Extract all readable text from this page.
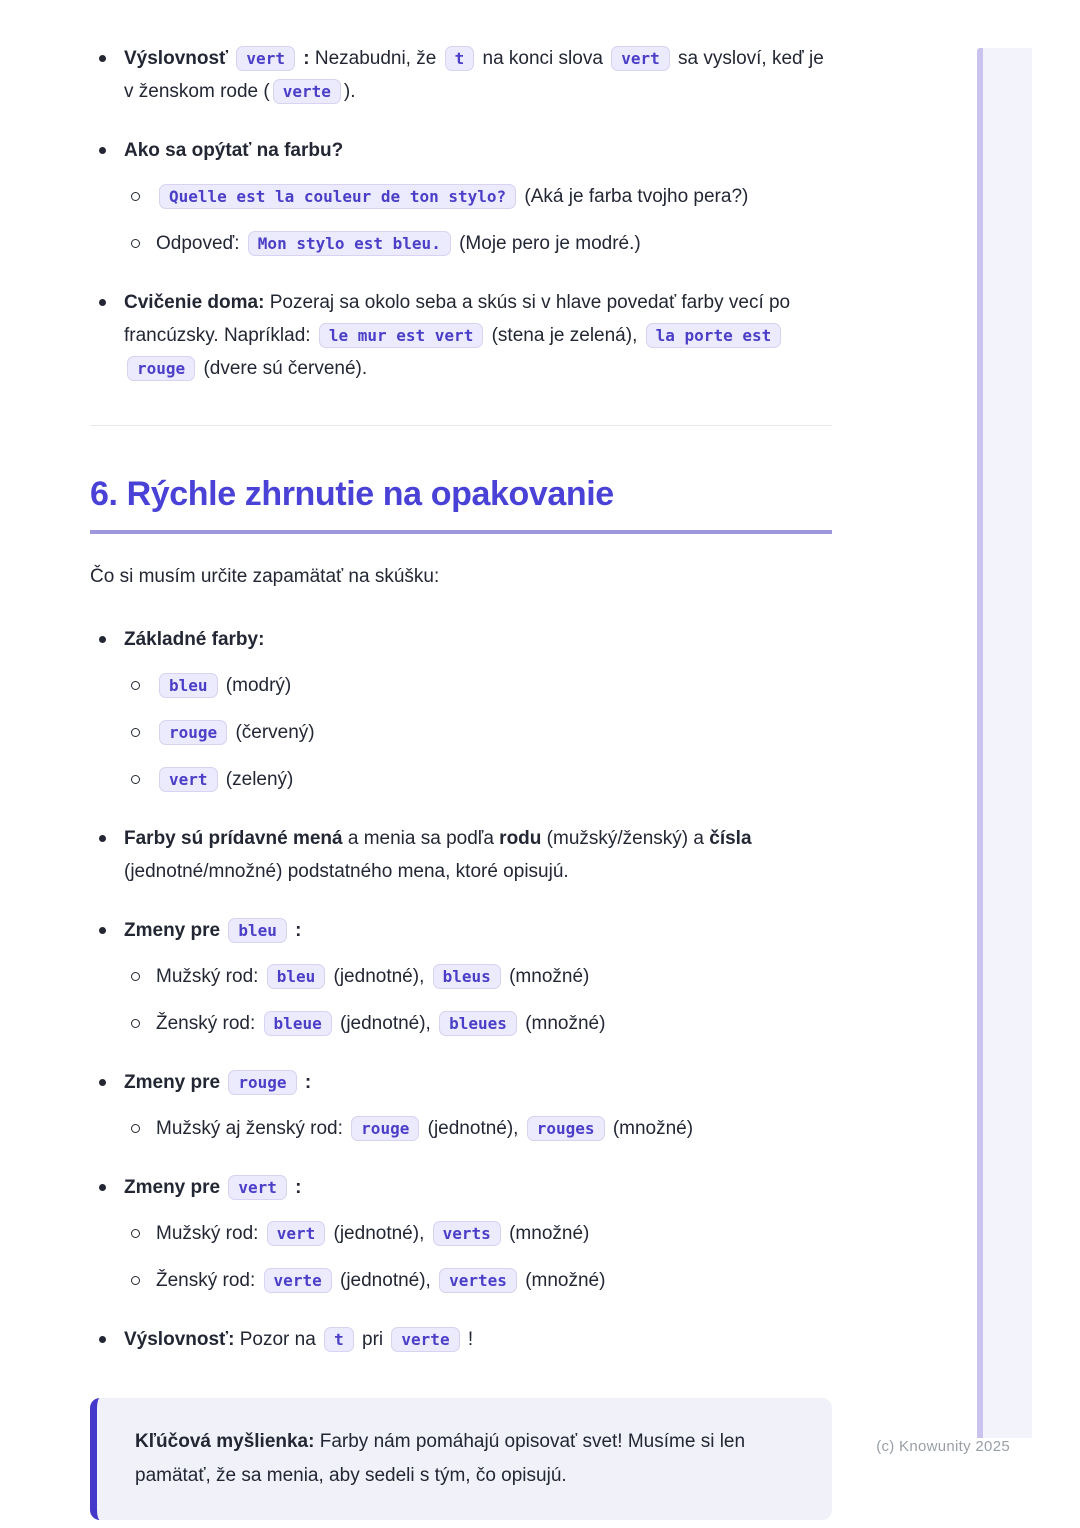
Výslovnosť vert : Nezabudni, že t na konci slova vert sa vysloví, keď je v ženskom rode ( verte ).
Ako sa opýtať na farbu?
Quelle est la couleur de ton stylo? (Aká je farba tvojho pera?)
Odpoveď: Mon stylo est bleu. (Moje pero je modré.)
Cvičenie doma: Pozeraj sa okolo seba a skús si v hlave povedať farby vecí po francúzsky. Napríklad: le mur est vert (stena je zelená), la porte est rouge (dvere sú červené).
6. Rýchle zhrnutie na opakovanie

Čo si musím určite zapamätať na skúšku:

Základné farby:
bleu (modrý)
rouge (červený)
vert (zelený)
Farby sú prídavné mená a menia sa podľa rodu (mužský/ženský) a čísla (jednotné/množné) podstatného mena, ktoré opisujú.
Zmeny pre bleu :
Mužský rod: bleu (jednotné), bleus (množné)
Ženský rod: bleue (jednotné), bleues (množné)
Zmeny pre rouge :
Mužský aj ženský rod: rouge (jednotné), rouges (množné)
Zmeny pre vert :
Mužský rod: vert (jednotné), verts (množné)
Ženský rod: verte (jednotné), vertes (množné)
Výslovnosť: Pozor na t pri verte !

Kľúčová myšlienka: Farby nám pomáhajú opisovať svet! Musíme si len pamätať, že sa menia, aby sedeli s tým, čo opisujú.

(c) Knowunity 2025
